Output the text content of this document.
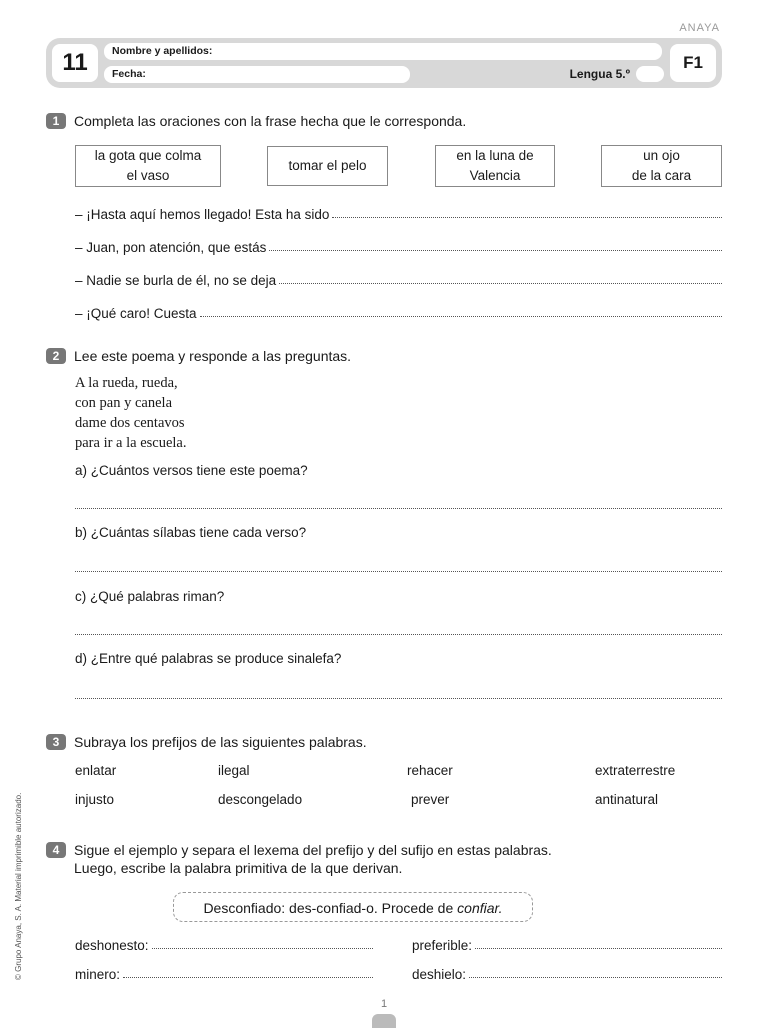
ANAYA
11	Nombre y apellidos:
Fecha:	Lengua 5.º
F1
1	Completa las oraciones con la frase hecha que le corresponda.
la gota que colma
el vaso
tomar el pelo
en la luna de
Valencia
un ojo
de la cara
– ¡Hasta aquí hemos llegado! Esta ha sido
– Juan, pon atención, que estás
– Nadie se burla de él, no se deja
– ¡Qué caro! Cuesta
2	Lee este poema y responde a las preguntas.
A la rueda, rueda,
con pan y canela
dame dos centavos
para ir a la escuela.
a) ¿Cuántos versos tiene este poema?
b) ¿Cuántas sílabas tiene cada verso?
c) ¿Qué palabras riman?
d) ¿Entre qué palabras se produce sinalefa?
3	Subraya los prefijos de las siguientes palabras.
enlatar	ilegal	rehacer	extraterrestre
injusto	descongelado	prever	antinatural
4	Sigue el ejemplo y separa el lexema del prefijo y del sufijo en estas palabras.
Luego, escribe la palabra primitiva de la que derivan.
Desconfiado: des-confiad-o. Procede de confiar.
deshonesto:	preferible:
minero:	deshielo:
© Grupo Anaya, S. A. Material imprimible autorizado.
1
